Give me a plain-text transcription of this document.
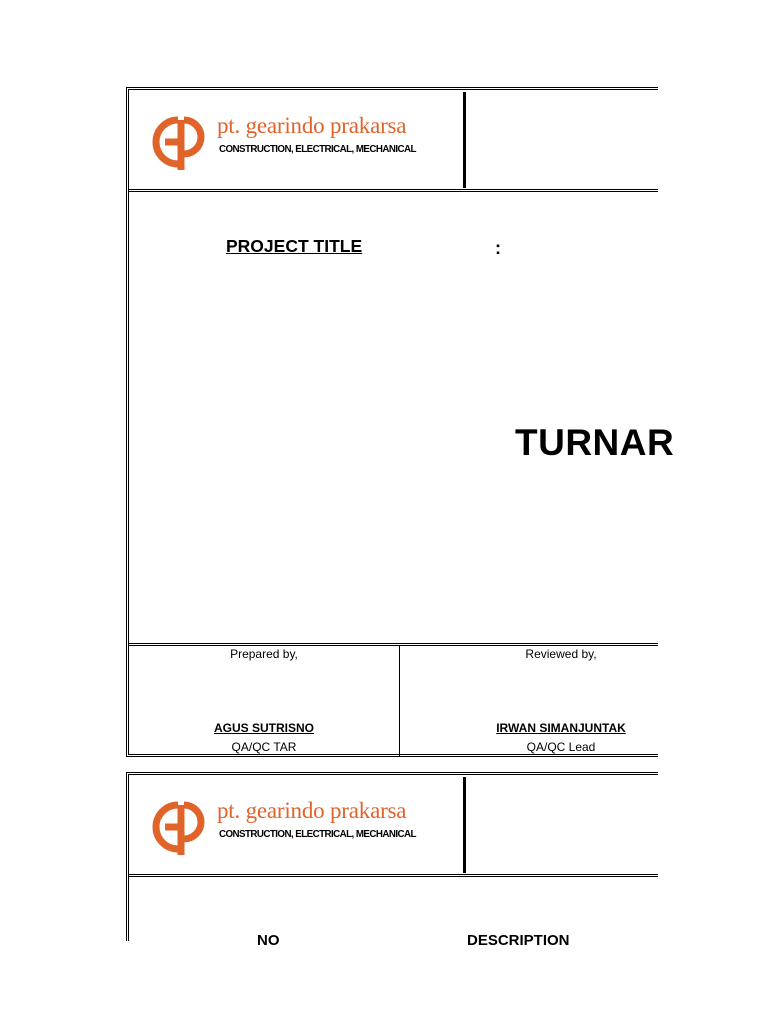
pt. gearindo prakarsa
CONSTRUCTION, ELECTRICAL, MECHANICAL
PROJECT TITLE	:
TURNAR
Prepared by,
AGUS SUTRISNO
QA/QC TAR
Reviewed by,
IRWAN SIMANJUNTAK
QA/QC Lead
pt. gearindo prakarsa
CONSTRUCTION, ELECTRICAL, MECHANICAL
NO	DESCRIPTION
